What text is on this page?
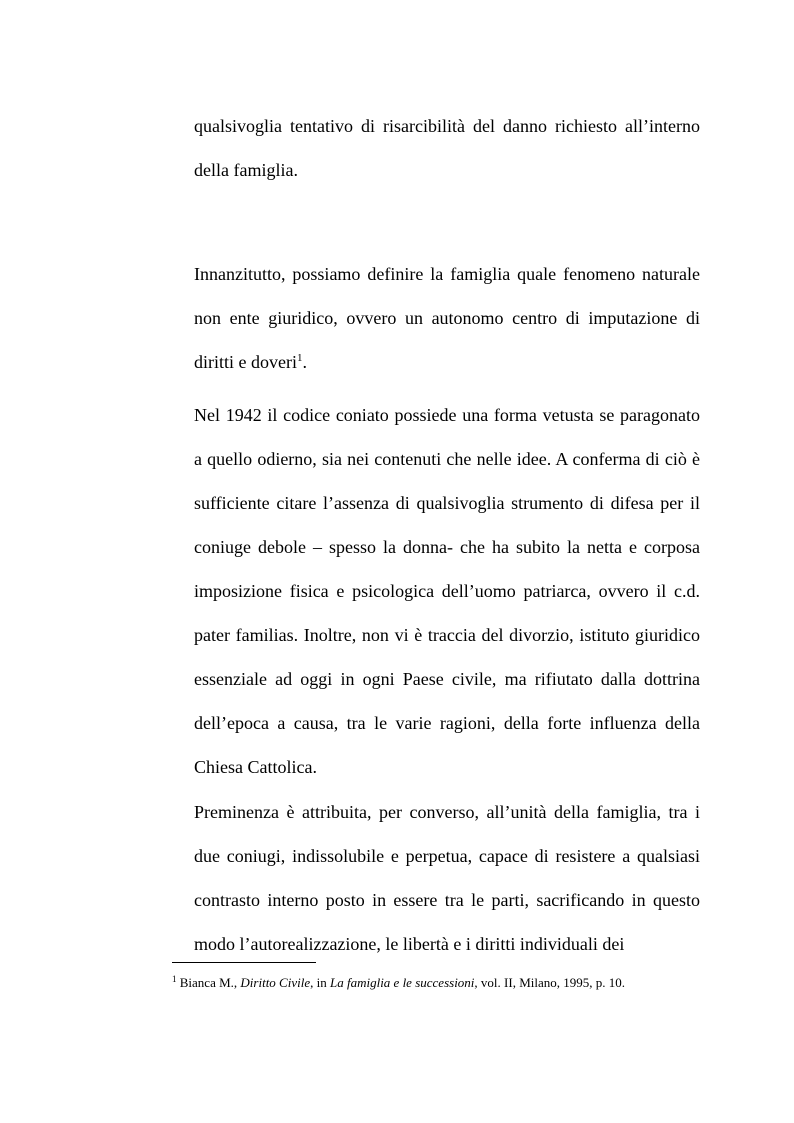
qualsivoglia tentativo di risarcibilità del danno richiesto all’interno della famiglia.

Innanzitutto, possiamo definire la famiglia quale fenomeno naturale non ente giuridico, ovvero un autonomo centro di imputazione di diritti e doveri$^1$.

Nel 1942 il codice coniato possiede una forma vetusta se paragonato a quello odierno, sia nei contenuti che nelle idee. A conferma di ciò è sufficiente citare l’assenza di qualsivoglia strumento di difesa per il coniuge debole – spesso la donna- che ha subito la netta e corposa imposizione fisica e psicologica dell’uomo patriarca, ovvero il c.d. pater familias. Inoltre, non vi è traccia del divorzio, istituto giuridico essenziale ad oggi in ogni Paese civile, ma rifiutato dalla dottrina dell’epoca a causa, tra le varie ragioni, della forte influenza della Chiesa Cattolica.

Preminenza è attribuita, per converso, all’unità della famiglia, tra i due coniugi, indissolubile e perpetua, capace di resistere a qualsiasi contrasto interno posto in essere tra le parti, sacrificando in questo modo l’autorealizzazione, le libertà e i diritti individuali dei

$^1$ Bianca M., Diritto Civile, in La famiglia e le successioni, vol. II, Milano, 1995, p. 10.
